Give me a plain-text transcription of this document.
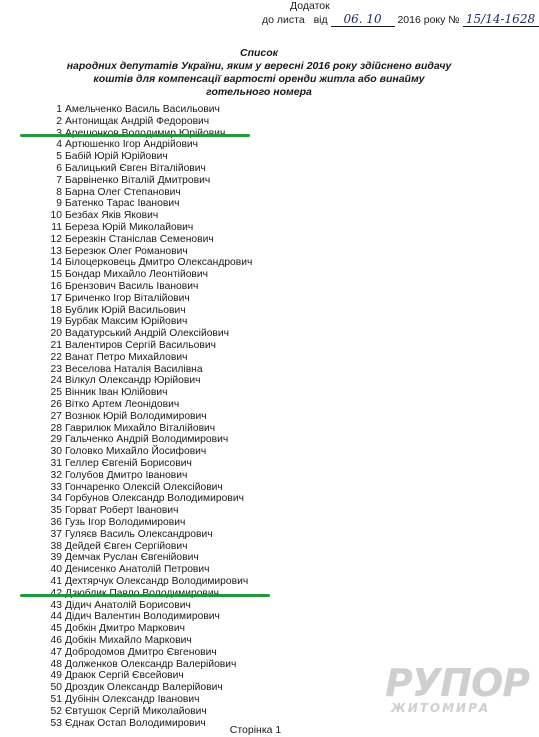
Додаток
до листа від 06. 10 2016 року № 15/14-1628
Список
народних депутатів України, яким у вересні 2016 року здійснено видачу
коштів для компенсації вартості оренди житла або винайму
готельного номера
1 Амельченко Василь Васильович
2 Антонищак Андрій Федорович
4 Артюшенко Ігор Андрійович
5 Бабій Юрій Юрійович
6 Балицький Євген Віталійович
7 Барвіненко Віталій Дмитрович
8 Барна Олег Степанович
9 Батенко Тарас Іванович
10 Безбах Яків Якович
11 Береза Юрій Миколайович
12 Березкін Станіслав Семенович
13 Березюк Олег Романович
14 Білоцерковець Дмитро Олександрович
15 Бондар Михайло Леонтійович
16 Брензович Василь Іванович
17 Бриченко Ігор Віталійович
18 Бублик Юрій Васильович
19 Бурбак Максим Юрійович
20 Вадатурський Андрій Олексійович
21 Валентиров Сергій Васильович
22 Ванат Петро Михайлович
23 Веселова Наталія Василівна
24 Вілкул Олександр Юрійович
25 Вінник Іван Юлійович
26 Вітко Артем Леонідович
27 Вознюк Юрій Володимирович
28 Гаврилюк Михайло Віталійович
29 Гальченко Андрій Володимирович
30 Головко Михайло Йосифович
31 Геллер Євгеній Борисович
32 Голубов Дмитро Іванович
33 Гончаренко Олексій Олексійович
34 Горбунов Олександр Володимирович
35 Горват Роберт Іванович
36 Гузь Ігор Володимирович
37 Гуляєв Василь Олександрович
38 Дейдей Євген Сергійович
39 Демчак Руслан Євгенійович
40 Денисенко Анатолій Петрович
41 Дехтярчук Олександр Володимирович
43 Дідич Анатолій Борисович
44 Дідич Валентин Володимирович
45 Добкін Дмитро Маркович
46 Добкін Михайло Маркович
47 Добродомов Дмитро Євгенович
48 Долженков Олександр Валерійович
49 Драюк Сергій Євсейович
50 Дроздик Олександр Валерійович
51 Дубінін Олександр Іванович
52 Євтушок Сергій Миколайович
53 Єднак Остап Володимирович
Сторінка 1
РУПОР
ЖИТОМИРА
